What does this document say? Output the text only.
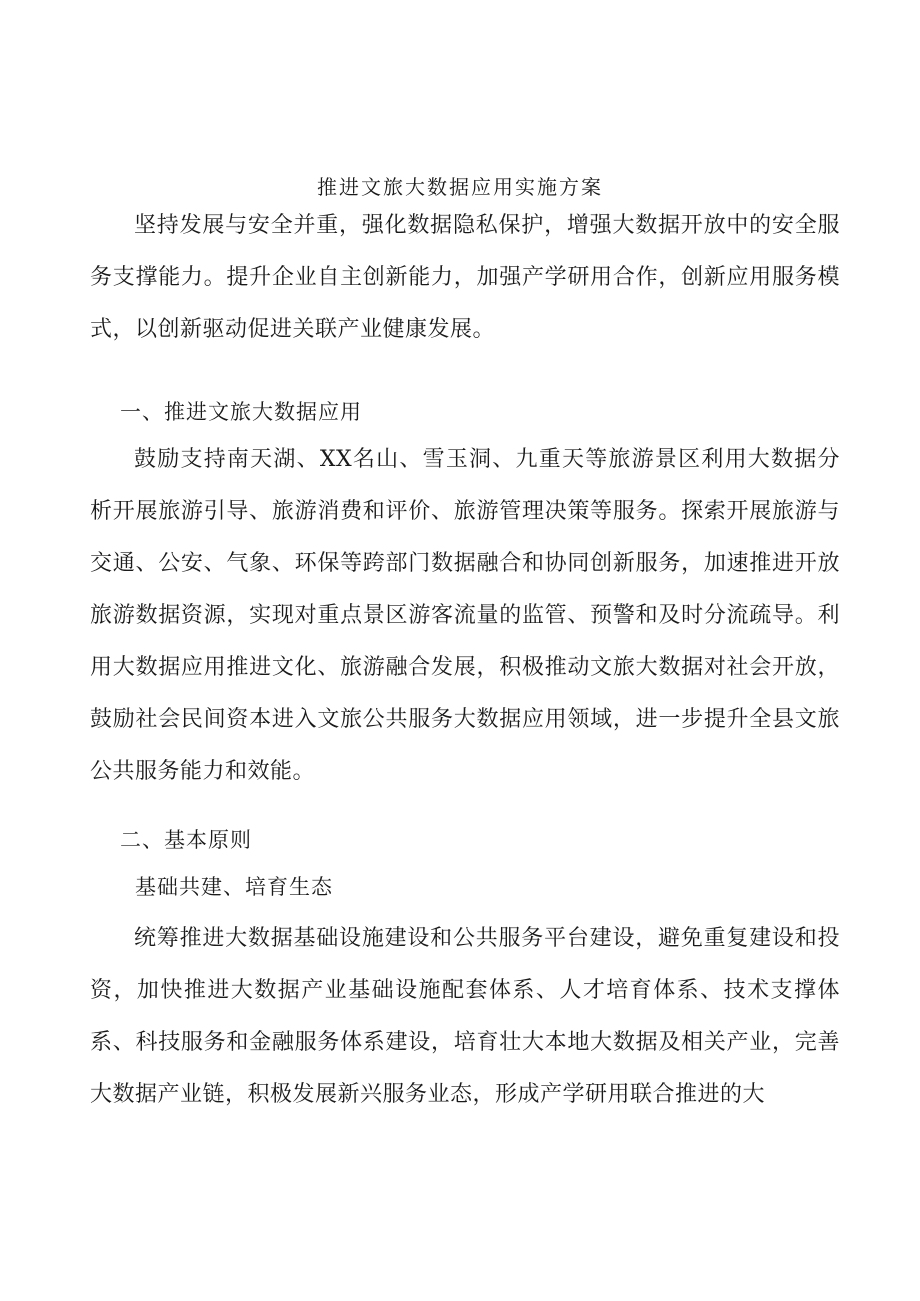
推进文旅大数据应用实施方案

坚持发展与安全并重，强化数据隐私保护，增强大数据开放中的安全服务支撑能力。提升企业自主创新能力，加强产学研用合作，创新应用服务模式，以创新驱动促进关联产业健康发展。

一、推进文旅大数据应用

鼓励支持南天湖、XX名山、雪玉洞、九重天等旅游景区利用大数据分析开展旅游引导、旅游消费和评价、旅游管理决策等服务。探索开展旅游与交通、公安、气象、环保等跨部门数据融合和协同创新服务，加速推进开放旅游数据资源，实现对重点景区游客流量的监管、预警和及时分流疏导。利用大数据应用推进文化、旅游融合发展，积极推动文旅大数据对社会开放，鼓励社会民间资本进入文旅公共服务大数据应用领域，进一步提升全县文旅公共服务能力和效能。

二、基本原则

基础共建、培育生态

统筹推进大数据基础设施建设和公共服务平台建设，避免重复建设和投资，加快推进大数据产业基础设施配套体系、人才培育体系、技术支撑体系、科技服务和金融服务体系建设，培育壮大本地大数据及相关产业，完善大数据产业链，积极发展新兴服务业态，形成产学研用联合推进的大
